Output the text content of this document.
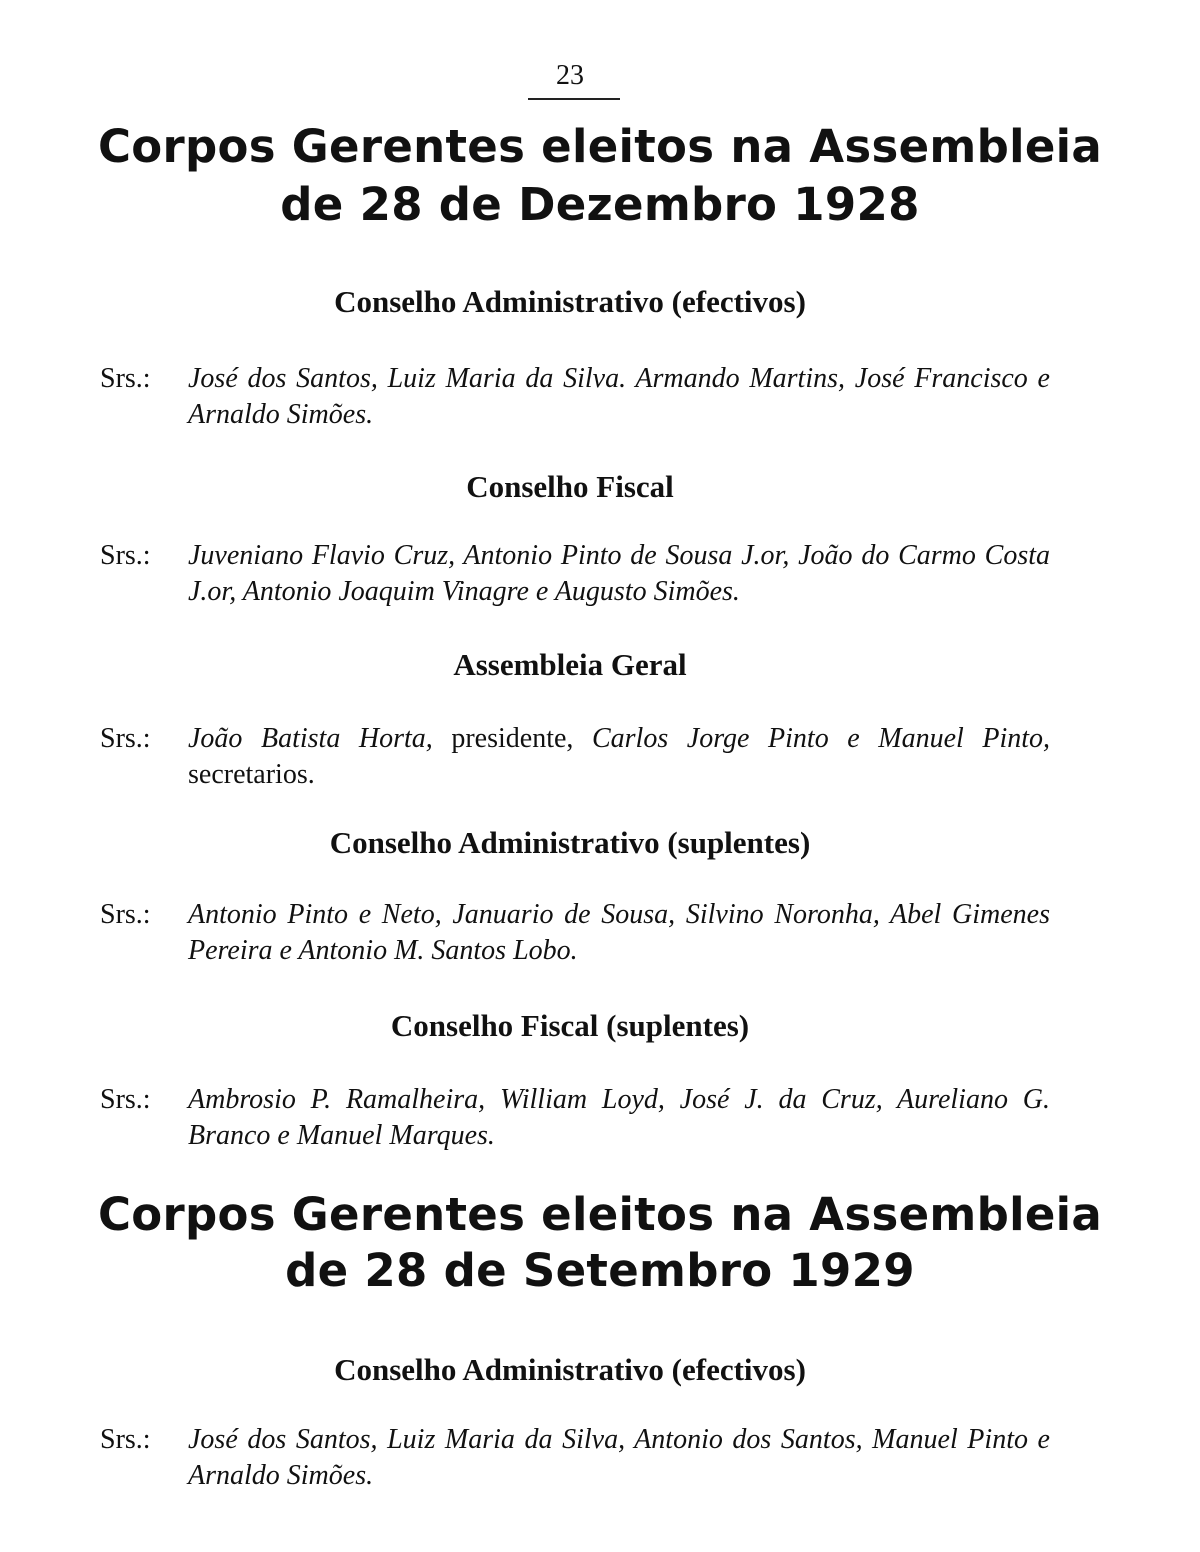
23
Corpos Gerentes eleitos na Assembleia
de 28 de Dezembro 1928
Conselho Administrativo (efectivos)
Srs.:	José dos Santos, Luiz Maria da Silva. Armando Martins, José Francisco e Arnaldo Simões.
Conselho Fiscal
Srs.:	Juveniano Flavio Cruz, Antonio Pinto de Sousa J.or, João do Carmo Costa J.or, Antonio Joaquim Vinagre e Augusto Simões.
Assembleia Geral
Srs.:	João Batista Horta, presidente, Carlos Jorge Pinto e Manuel Pinto, secretarios.
Conselho Administrativo (suplentes)
Srs.:	Antonio Pinto e Neto, Januario de Sousa, Silvino Noronha, Abel Gimenes Pereira e Antonio M. Santos Lobo.
Conselho Fiscal (suplentes)
Srs.:	Ambrosio P. Ramalheira, William Loyd, José J. da Cruz, Aureliano G. Branco e Manuel Marques.
Corpos Gerentes eleitos na Assembleia
de 28 de Setembro 1929
Conselho Administrativo (efectivos)
Srs.:	José dos Santos, Luiz Maria da Silva, Antonio dos Santos, Manuel Pinto e Arnaldo Simões.
